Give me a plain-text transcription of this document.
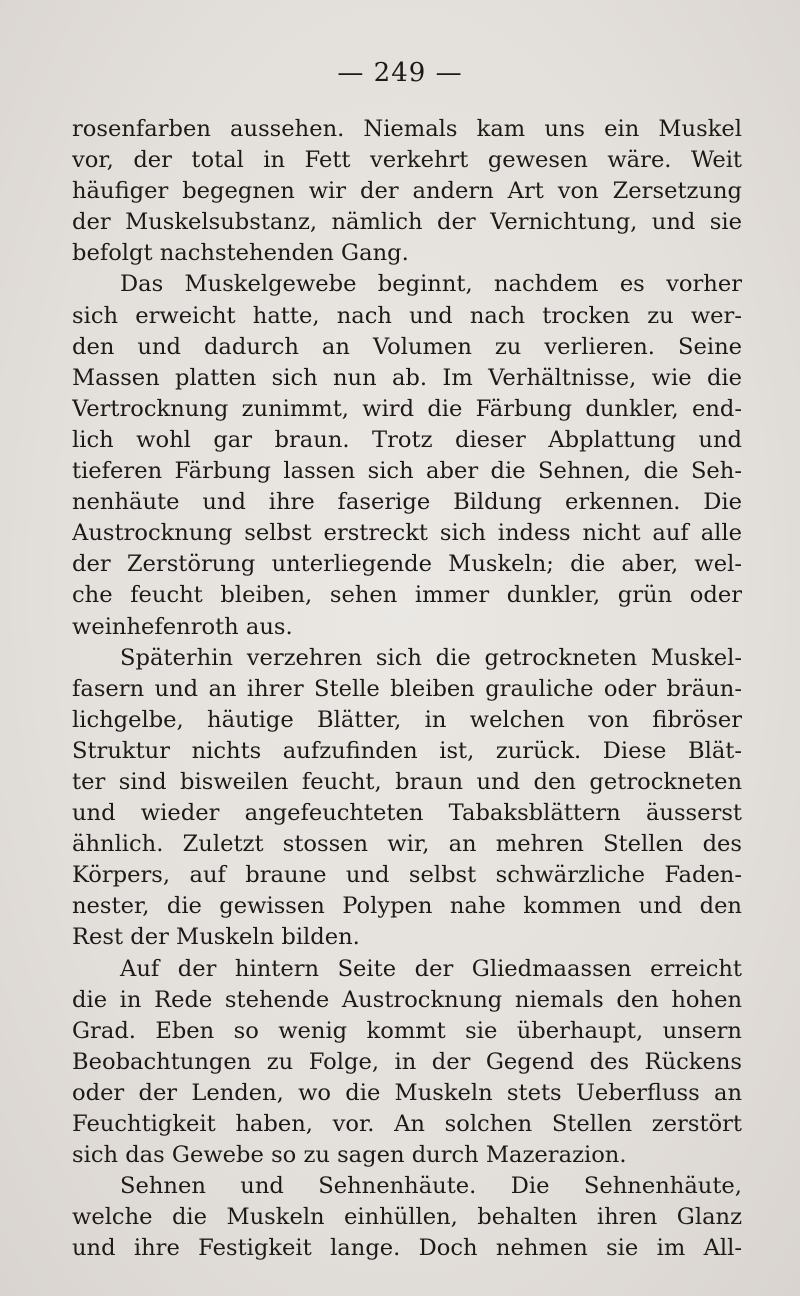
— 249 —
rosenfarben aussehen. Niemals kam uns ein Muskel
vor, der total in Fett verkehrt gewesen wäre. Weit
häufiger begegnen wir der andern Art von Zersetzung
der Muskelsubstanz, nämlich der Vernichtung, und sie
befolgt nachstehenden Gang.
Das Muskelgewebe beginnt, nachdem es vorher
sich erweicht hatte, nach und nach trocken zu wer-
den und dadurch an Volumen zu verlieren. Seine
Massen platten sich nun ab. Im Verhältnisse, wie die
Vertrocknung zunimmt, wird die Färbung dunkler, end-
lich wohl gar braun. Trotz dieser Abplattung und
tieferen Färbung lassen sich aber die Sehnen, die Seh-
nenhäute und ihre faserige Bildung erkennen. Die
Austrocknung selbst erstreckt sich indess nicht auf alle
der Zerstörung unterliegende Muskeln; die aber, wel-
che feucht bleiben, sehen immer dunkler, grün oder
weinhefenroth aus.
Späterhin verzehren sich die getrockneten Muskel-
fasern und an ihrer Stelle bleiben grauliche oder bräun-
lichgelbe, häutige Blätter, in welchen von fibröser
Struktur nichts aufzufinden ist, zurück. Diese Blät-
ter sind bisweilen feucht, braun und den getrockneten
und wieder angefeuchteten Tabaksblättern äusserst
ähnlich. Zuletzt stossen wir, an mehren Stellen des
Körpers, auf braune und selbst schwärzliche Faden-
nester, die gewissen Polypen nahe kommen und den
Rest der Muskeln bilden.
Auf der hintern Seite der Gliedmaassen erreicht
die in Rede stehende Austrocknung niemals den hohen
Grad. Eben so wenig kommt sie überhaupt, unsern
Beobachtungen zu Folge, in der Gegend des Rückens
oder der Lenden, wo die Muskeln stets Ueberfluss an
Feuchtigkeit haben, vor. An solchen Stellen zerstört
sich das Gewebe so zu sagen durch Mazerazion.
Sehnen und Sehnenhäute. Die Sehnenhäute,
welche die Muskeln einhüllen, behalten ihren Glanz
und ihre Festigkeit lange. Doch nehmen sie im All-
